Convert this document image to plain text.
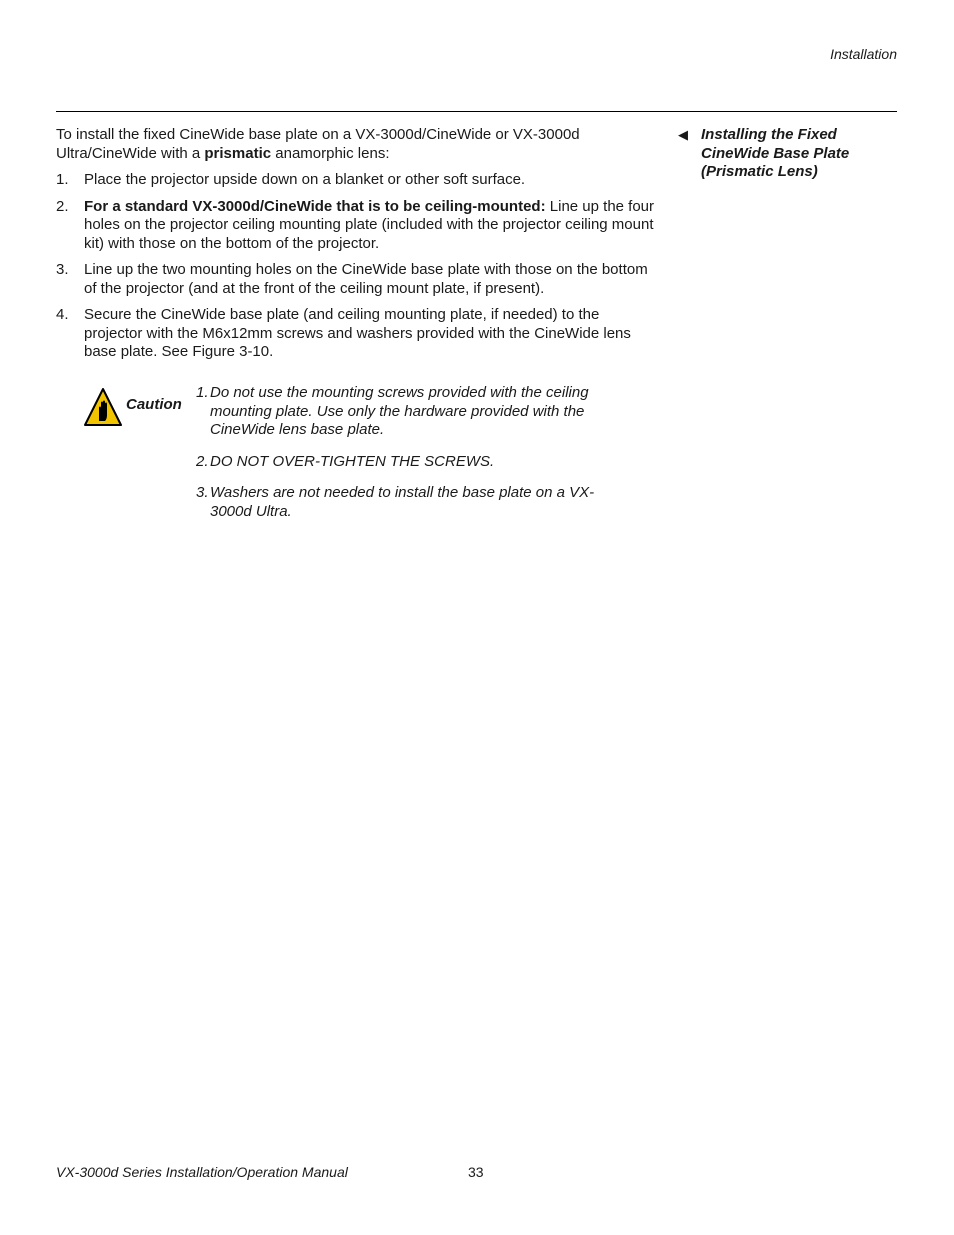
Installation
◀ Installing the Fixed CineWide Base Plate (Prismatic Lens)

To install the fixed CineWide base plate on a VX-3000d/CineWide or VX-3000d Ultra/CineWide with a prismatic anamorphic lens:

1. Place the projector upside down on a blanket or other soft surface.
2. For a standard VX-3000d/CineWide that is to be ceiling-mounted: Line up the four holes on the projector ceiling mounting plate (included with the projector ceiling mount kit) with those on the bottom of the projector.
3. Line up the two mounting holes on the CineWide base plate with those on the bottom of the projector (and at the front of the ceiling mount plate, if present).
4. Secure the CineWide base plate (and ceiling mounting plate, if needed) to the projector with the M6x12mm screws and washers provided with the CineWide lens base plate. See Figure 3-10.
Caution
1. Do not use the mounting screws provided with the ceiling mounting plate. Use only the hardware provided with the CineWide lens base plate.
2. DO NOT OVER-TIGHTEN THE SCREWS.
3. Washers are not needed to install the base plate on a VX-3000d Ultra.
VX-3000d Series Installation/Operation Manual	33
